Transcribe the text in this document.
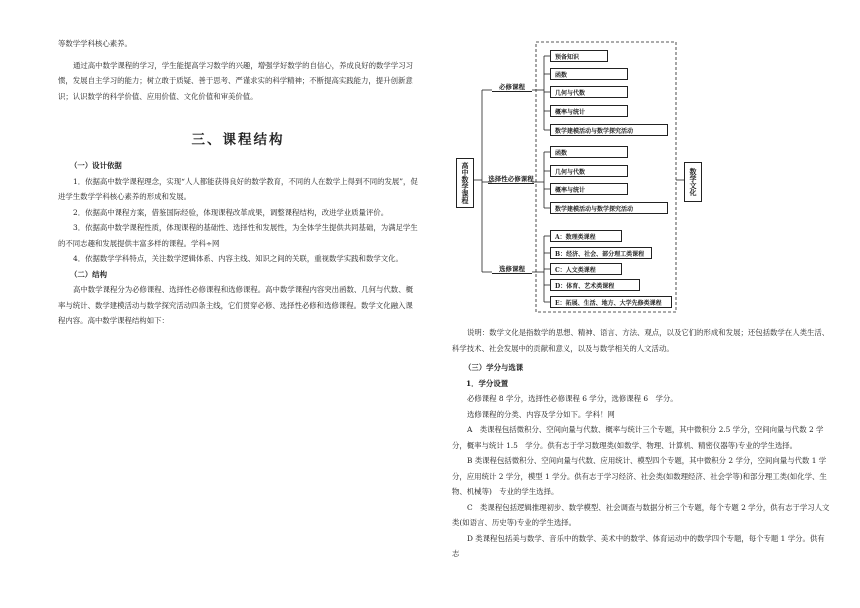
等数学学科核心素养。

通过高中数学课程的学习，学生能提高学习数学的兴趣，增强学好数学的自信心，养成良好的数学学习习惯，发展自主学习的能力；树立敢于质疑、善于思考、严谨求实的科学精神；不断提高实践能力，提升创新意识；认识数学的科学价值、应用价值、文化价值和审美价值。

三、课程结构

（一）设计依据

1．依据高中数学课程理念，实现“人人都能获得良好的数学教育，不同的人在数学上得到不同的发展”，促进学生数学学科核心素养的形成和发展。

2．依据高中课程方案，借鉴国际经验，体现课程改革成果，调整课程结构，改进学业质量评价。

3．依据高中数学课程性质，体现课程的基础性、选择性和发展性，为全体学生提供共同基础，为满足学生的不同志趣和发展提供丰富多样的课程。学科÷网

4．依据数学学科特点，关注数学逻辑体系、内容主线、知识之间的关联，重视数学实践和数学文化。

（二）结构

高中数学课程分为必修课程、选择性必修课程和选修课程。高中数学课程内容突出函数、几何与代数、概率与统计、数学建模活动与数学探究活动四条主线，它们贯穿必修、选择性必修和选修课程。数学文化融入课程内容。高中数学课程结构如下：

高中数学课程
必修课程
选择性必修课程
选修课程
预备知识
函数
几何与代数
概率与统计
数学建模活动与数学探究活动
函数
几何与代数
概率与统计
数学建模活动与数学探究活动
A：数理类课程
B：经济、社会、部分理工类课程
C：人文类课程
D：体育、艺术类课程
E：拓展、生活、地方、大学先修类课程
数学文化

说明：数学文化是指数学的思想、精神、语言、方法、观点，以及它们的形成和发展；还包括数学在人类生活、科学技术、社会发展中的贡献和意义，以及与数学相关的人文活动。

（三）学分与选课

1．学分设置

必修课程 8 学分，选择性必修课程 6 学分，选修课程 6　学分。

选修课程的分类、内容及学分如下。学科！网

A　类课程包括微积分、空间向量与代数、概率与统计三个专题，其中微积分 2.5 学分，空间向量与代数 2 学分，概率与统计 1.5　学分。供有志于学习数理类(如数学、物理、计算机、精密仪器等)专业的学生选择。

B 类课程包括微积分、空间向量与代数、应用统计、模型四个专题，其中微积分 2 学分，空间向量与代数 1 学分，应用统计 2 学分，模型 1 学分。供有志于学习经济、社会类(如数理经济、社会学等)和部分理工类(如化学、生物、机械等)　专业的学生选择。

C　类课程包括逻辑推理初步、数学模型、社会调查与数据分析三个专题，每个专题 2 学分，供有志于学习人文类(如语言、历史等)专业的学生选择。

D 类课程包括美与数学、音乐中的数学、美术中的数学、体育运动中的数学四个专题，每个专题 1 学分。供有志
